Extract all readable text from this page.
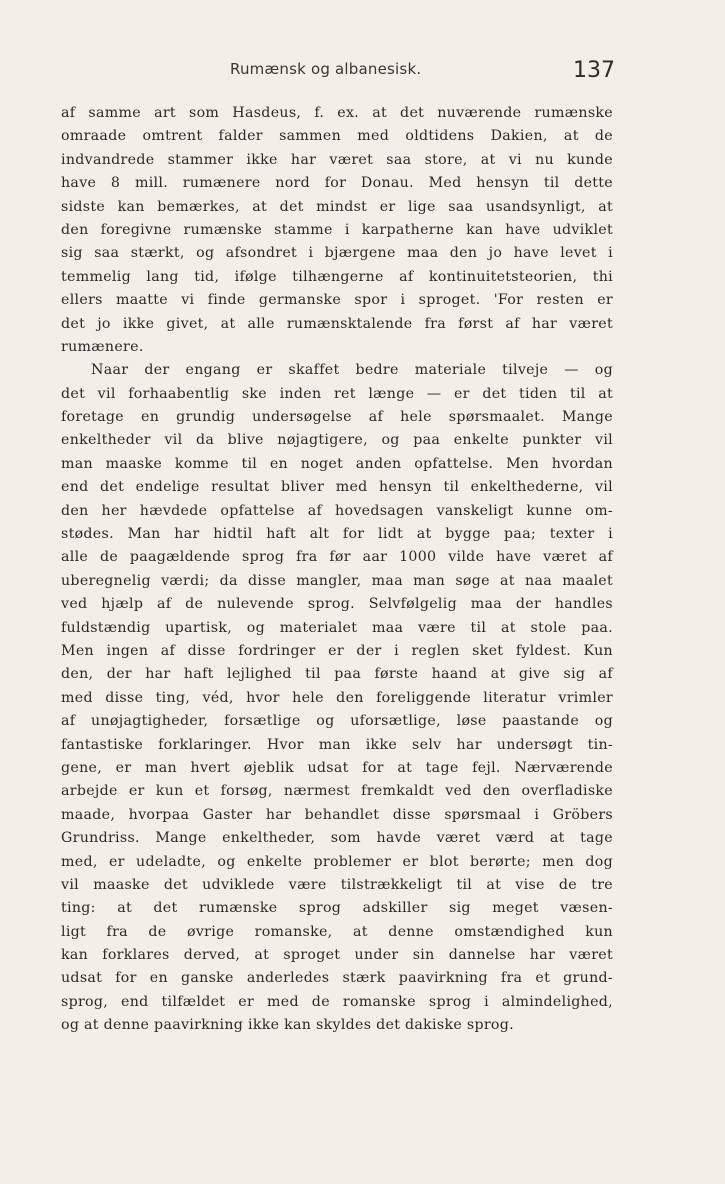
Rumænsk og albanesisk.	137
af samme art som Hasdeus, f. ex. at det nuværende rumænske
omraade omtrent falder sammen med oldtidens Dakien, at de
indvandrede stammer ikke har været saa store, at vi nu kunde
have 8 mill. rumænere nord for Donau. Med hensyn til dette
sidste kan bemærkes, at det mindst er lige saa usandsynligt, at
den foregivne rumænske stamme i karpatherne kan have udviklet
sig saa stærkt, og afsondret i bjærgene maa den jo have levet i
temmelig lang tid, ifølge tilhængerne af kontinuitetsteorien, thi
ellers maatte vi finde germanske spor i sproget. 'For resten er
det jo ikke givet, at alle rumænsktalende fra først af har været
rumænere.
Naar der engang er skaffet bedre materiale tilveje — og
det vil forhaabentlig ske inden ret længe — er det tiden til at
foretage en grundig undersøgelse af hele spørsmaalet. Mange
enkeltheder vil da blive nøjagtigere, og paa enkelte punkter vil
man maaske komme til en noget anden opfattelse. Men hvordan
end det endelige resultat bliver med hensyn til enkelthederne, vil
den her hævdede opfattelse af hovedsagen vanskeligt kunne om-
stødes. Man har hidtil haft alt for lidt at bygge paa; texter i
alle de paagældende sprog fra før aar 1000 vilde have været af
uberegnelig værdi; da disse mangler, maa man søge at naa maalet
ved hjælp af de nulevende sprog. Selvfølgelig maa der handles
fuldstændig upartisk, og materialet maa være til at stole paa.
Men ingen af disse fordringer er der i reglen sket fyldest. Kun
den, der har haft lejlighed til paa første haand at give sig af
med disse ting, véd, hvor hele den foreliggende literatur vrimler
af unøjagtigheder, forsætlige og uforsætlige, løse paastande og
fantastiske forklaringer. Hvor man ikke selv har undersøgt tin-
gene, er man hvert øjeblik udsat for at tage fejl. Nærværende
arbejde er kun et forsøg, nærmest fremkaldt ved den overfladiske
maade, hvorpaa Gaster har behandlet disse spørsmaal i Gröbers
Grundriss. Mange enkeltheder, som havde været værd at tage
med, er udeladte, og enkelte problemer er blot berørte; men dog
vil maaske det udviklede være tilstrækkeligt til at vise de tre
ting: at det rumænske sprog adskiller sig meget væsen-
ligt fra de øvrige romanske, at denne omstændighed kun
kan forklares derved, at sproget under sin dannelse har været
udsat for en ganske anderledes stærk paavirkning fra et grund-
sprog, end tilfældet er med de romanske sprog i almindelighed,
og at denne paavirkning ikke kan skyldes det dakiske sprog.
